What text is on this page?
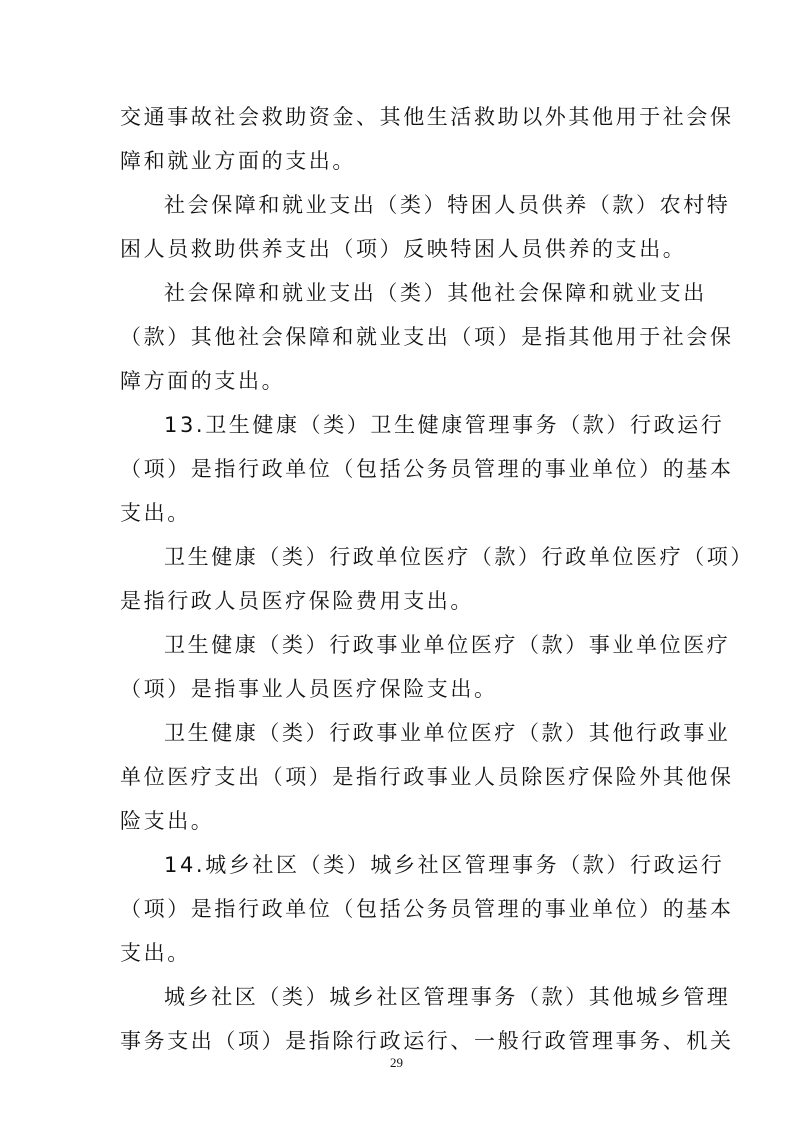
交通事故社会救助资金、其他生活救助以外其他用于社会保
障和就业方面的支出。
社会保障和就业支出（类）特困人员供养（款）农村特
困人员救助供养支出（项）反映特困人员供养的支出。
社会保障和就业支出（类）其他社会保障和就业支出
（款）其他社会保障和就业支出（项）是指其他用于社会保
障方面的支出。
13.卫生健康（类）卫生健康管理事务（款）行政运行
（项）是指行政单位（包括公务员管理的事业单位）的基本
支出。
卫生健康（类）行政单位医疗（款）行政单位医疗（项）
是指行政人员医疗保险费用支出。
卫生健康（类）行政事业单位医疗（款）事业单位医疗
（项）是指事业人员医疗保险支出。
卫生健康（类）行政事业单位医疗（款）其他行政事业
单位医疗支出（项）是指行政事业人员除医疗保险外其他保
险支出。
14.城乡社区（类）城乡社区管理事务（款）行政运行
（项）是指行政单位（包括公务员管理的事业单位）的基本
支出。
城乡社区（类）城乡社区管理事务（款）其他城乡管理
事务支出（项）是指除行政运行、一般行政管理事务、机关
29
